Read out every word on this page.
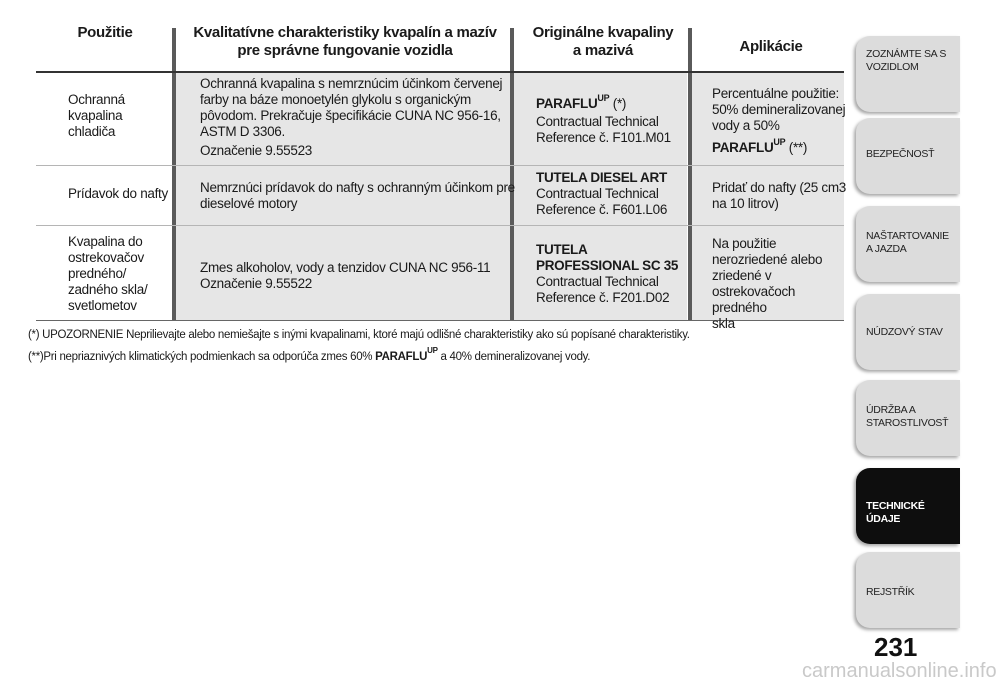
Použitie	Kvalitatívne charakteristiky kvapalín a mazív
pre správne fungovanie vozidla
Originálne kvapaliny
a mazivá	Aplikácie
Ochranná
kvapalina
chladiča
Ochranná kvapalina s nemrznúcim účinkom červenej
farby na báze monoetylén glykolu s organickým
pôvodom. Prekračuje špecifikácie CUNA NC 956-16,
ASTM D 3306.
Označenie 9.55523
$PARAFLU^{UP}$ (*)
Contractual Technical
Reference č. F101.M01
Percentuálne použitie:
50% demineralizovanej
vody a 50%
$PARAFLU^{UP}$ (**)
Prídavok do nafty Nemrznúci prídavok do nafty s ochranným účinkom pre
dieselové motory
TUTELA DIESEL ART
Contractual Technical
Reference č. F601.L06
Pridať do nafty (25 cm3
na 10 litrov)
Kvapalina do
ostrekovačov
predného/
zadného skla/
svetlometov
Zmes alkoholov, vody a tenzidov CUNA NC 956-11
Označenie 9.55522
TUTELA
PROFESSIONAL SC 35
Contractual Technical
Reference č. F201.D02
Na použitie
nerozriedené alebo
zriedené v
ostrekovačoch predného
skla
(*) UPOZORNENIE Neprilievajte alebo nemiešajte s inými kvapalinami, ktoré majú odlišné charakteristiky ako sú popísané charakteristiky.
(**)Pri nepriaznivých klimatických podmienkach sa odporúča zmes 60% $PARAFLU^{UP}$ a 40% demineralizovanej vody.
ZOZNÁMTE SA S VOZIDLOM
BEZPEČNOSŤ
NAŠTARTOVANIE A JAZDA
NÚDZOVÝ STAV
ÚDRŽBA A STAROSTLIVOSŤ
TECHNICKÉ ÚDAJE
REJSTŘÍK
231
carmanualsonline.info
